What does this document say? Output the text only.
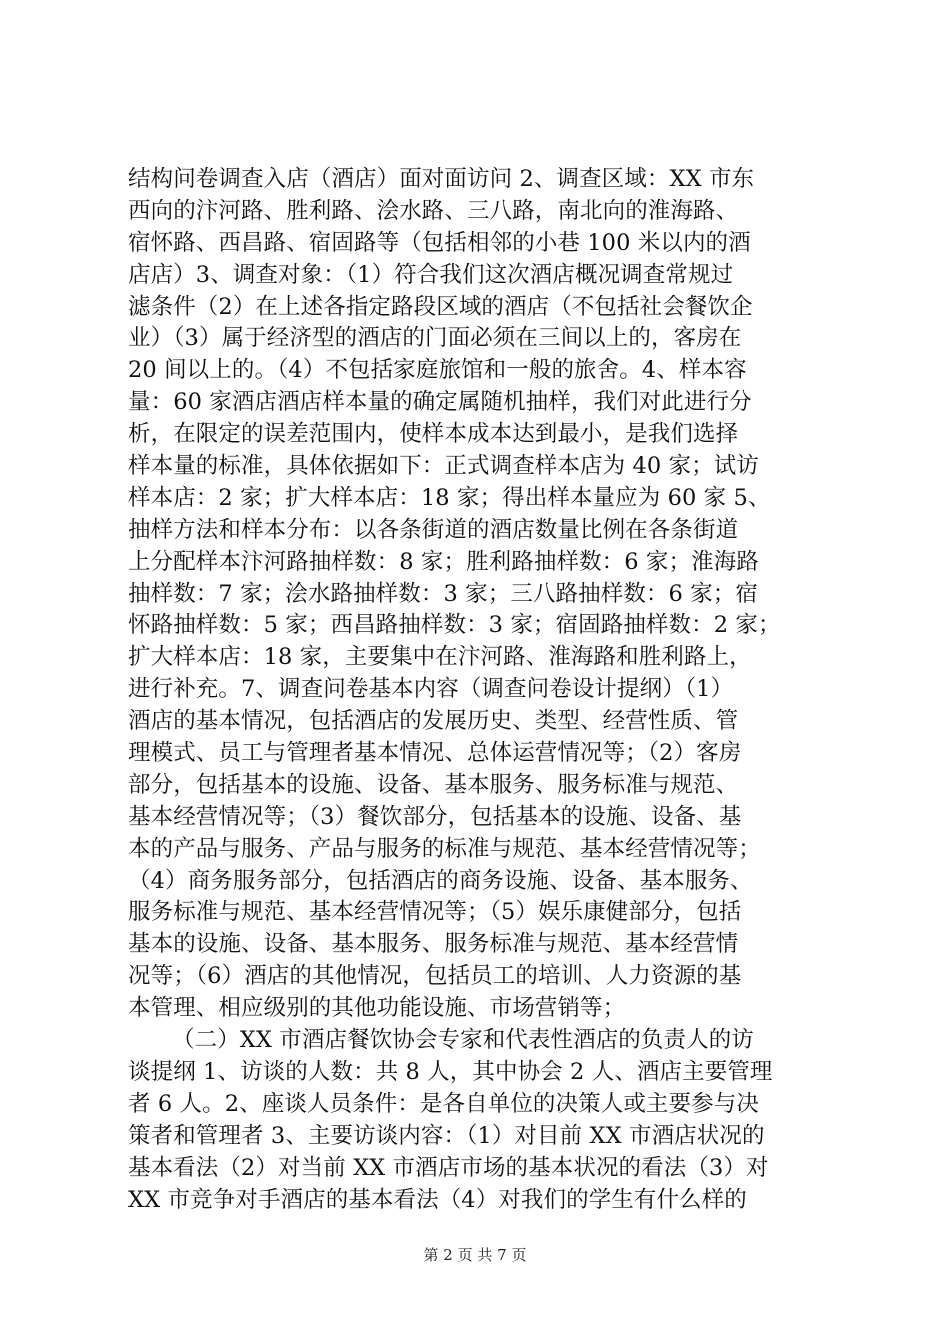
结构问卷调查入店（酒店）面对面访问 2、调查区域：XX 市东
西向的汴河路、胜利路、浍水路、三八路，南北向的淮海路、
宿怀路、西昌路、宿固路等（包括相邻的小巷 100 米以内的酒
店店）3、调查对象：（1）符合我们这次酒店概况调查常规过
滤条件（2）在上述各指定路段区域的酒店（不包括社会餐饮企
业）（3）属于经济型的酒店的门面必须在三间以上的，客房在
20 间以上的。（4）不包括家庭旅馆和一般的旅舍。4、样本容
量：60 家酒店酒店样本量的确定属随机抽样，我们对此进行分
析，在限定的误差范围内，使样本成本达到最小，是我们选择
样本量的标准，具体依据如下：正式调查样本店为 40 家；试访
样本店：2 家；扩大样本店：18 家；得出样本量应为 60 家 5、
抽样方法和样本分布：以各条街道的酒店数量比例在各条街道
上分配样本汴河路抽样数：8 家；胜利路抽样数：6 家；淮海路
抽样数：7 家；浍水路抽样数：3 家；三八路抽样数：6 家；宿
怀路抽样数：5 家；西昌路抽样数：3 家；宿固路抽样数：2 家；
扩大样本店：18 家，主要集中在汴河路、淮海路和胜利路上，
进行补充。7、调查问卷基本内容（调查问卷设计提纲）（1）
酒店的基本情况，包括酒店的发展历史、类型、经营性质、管
理模式、员工与管理者基本情况、总体运营情况等；（2）客房
部分，包括基本的设施、设备、基本服务、服务标准与规范、
基本经营情况等；（3）餐饮部分，包括基本的设施、设备、基
本的产品与服务、产品与服务的标准与规范、基本经营情况等；
（4）商务服务部分，包括酒店的商务设施、设备、基本服务、
服务标准与规范、基本经营情况等；（5）娱乐康健部分，包括
基本的设施、设备、基本服务、服务标准与规范、基本经营情
况等；（6）酒店的其他情况，包括员工的培训、人力资源的基
本管理、相应级别的其他功能设施、市场营销等；
（二）XX 市酒店餐饮协会专家和代表性酒店的负责人的访
谈提纲 1、访谈的人数：共 8 人，其中协会 2 人、酒店主要管理
者 6 人。2、座谈人员条件：是各自单位的决策人或主要参与决
策者和管理者 3、主要访谈内容：（1）对目前 XX 市酒店状况的
基本看法（2）对当前 XX 市酒店市场的基本状况的看法（3）对
XX 市竞争对手酒店的基本看法（4）对我们的学生有什么样的
第 2 页 共 7 页
